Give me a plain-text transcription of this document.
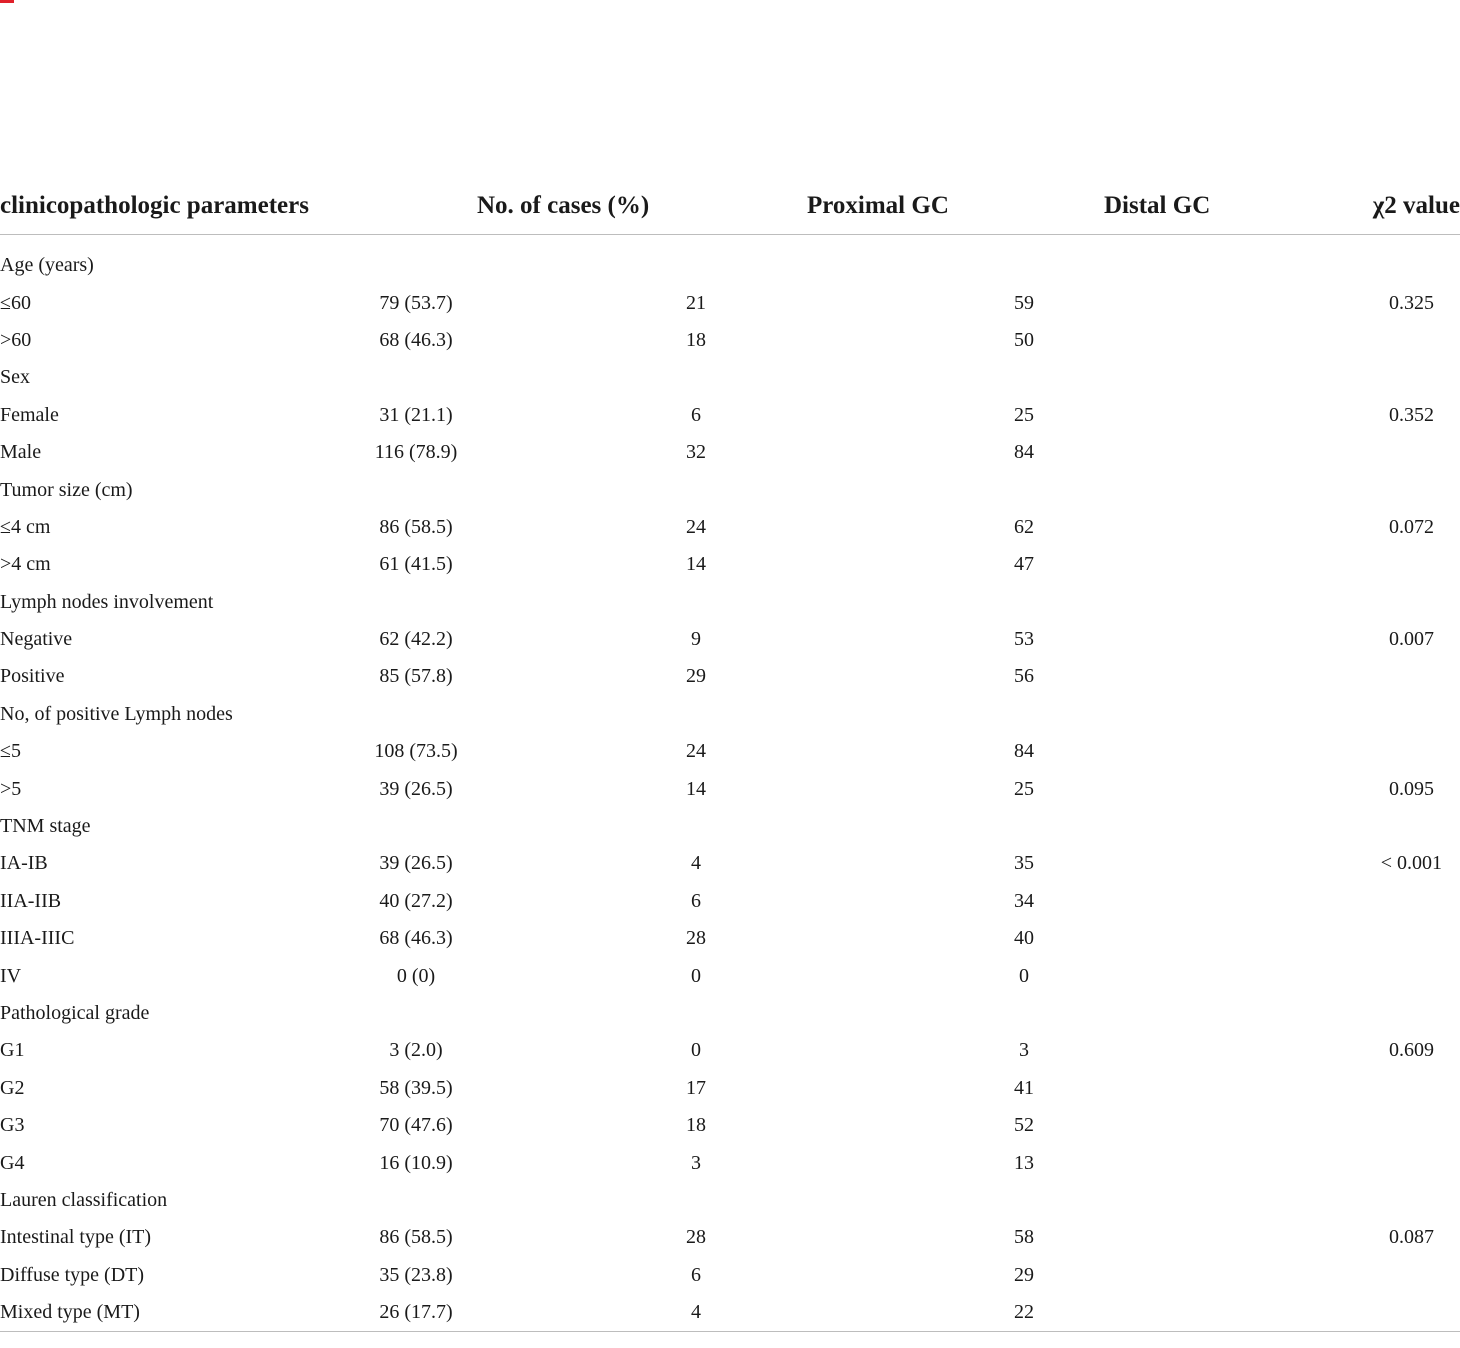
clinicopathologic parameters	No. of cases (%)	Proximal GC	Distal GC	χ2 value

Age (years)				
≤60	79 (53.7)	21	59	0.325
>60	68 (46.3)	18	50	
Sex				
Female	31 (21.1)	6	25	0.352
Male	116 (78.9)	32	84	
Tumor size (cm)				
≤4 cm	86 (58.5)	24	62	0.072
>4 cm	61 (41.5)	14	47	
Lymph nodes involvement				
Negative	62 (42.2)	9	53	0.007
Positive	85 (57.8)	29	56	
No, of positive Lymph nodes				
≤5	108 (73.5)	24	84	
>5	39 (26.5)	14	25	0.095
TNM stage				
IA-IB	39 (26.5)	4	35	< 0.001
IIA-IIB	40 (27.2)	6	34	
IIIA-IIIC	68 (46.3)	28	40	
IV	0 (0)	0	0	
Pathological grade				
G1	3 (2.0)	0	3	0.609
G2	58 (39.5)	17	41	
G3	70 (47.6)	18	52	
G4	16 (10.9)	3	13	
Lauren classification				
Intestinal type (IT)	86 (58.5)	28	58	0.087
Diffuse type (DT)	35 (23.8)	6	29	
Mixed type (MT)	26 (17.7)	4	22	
